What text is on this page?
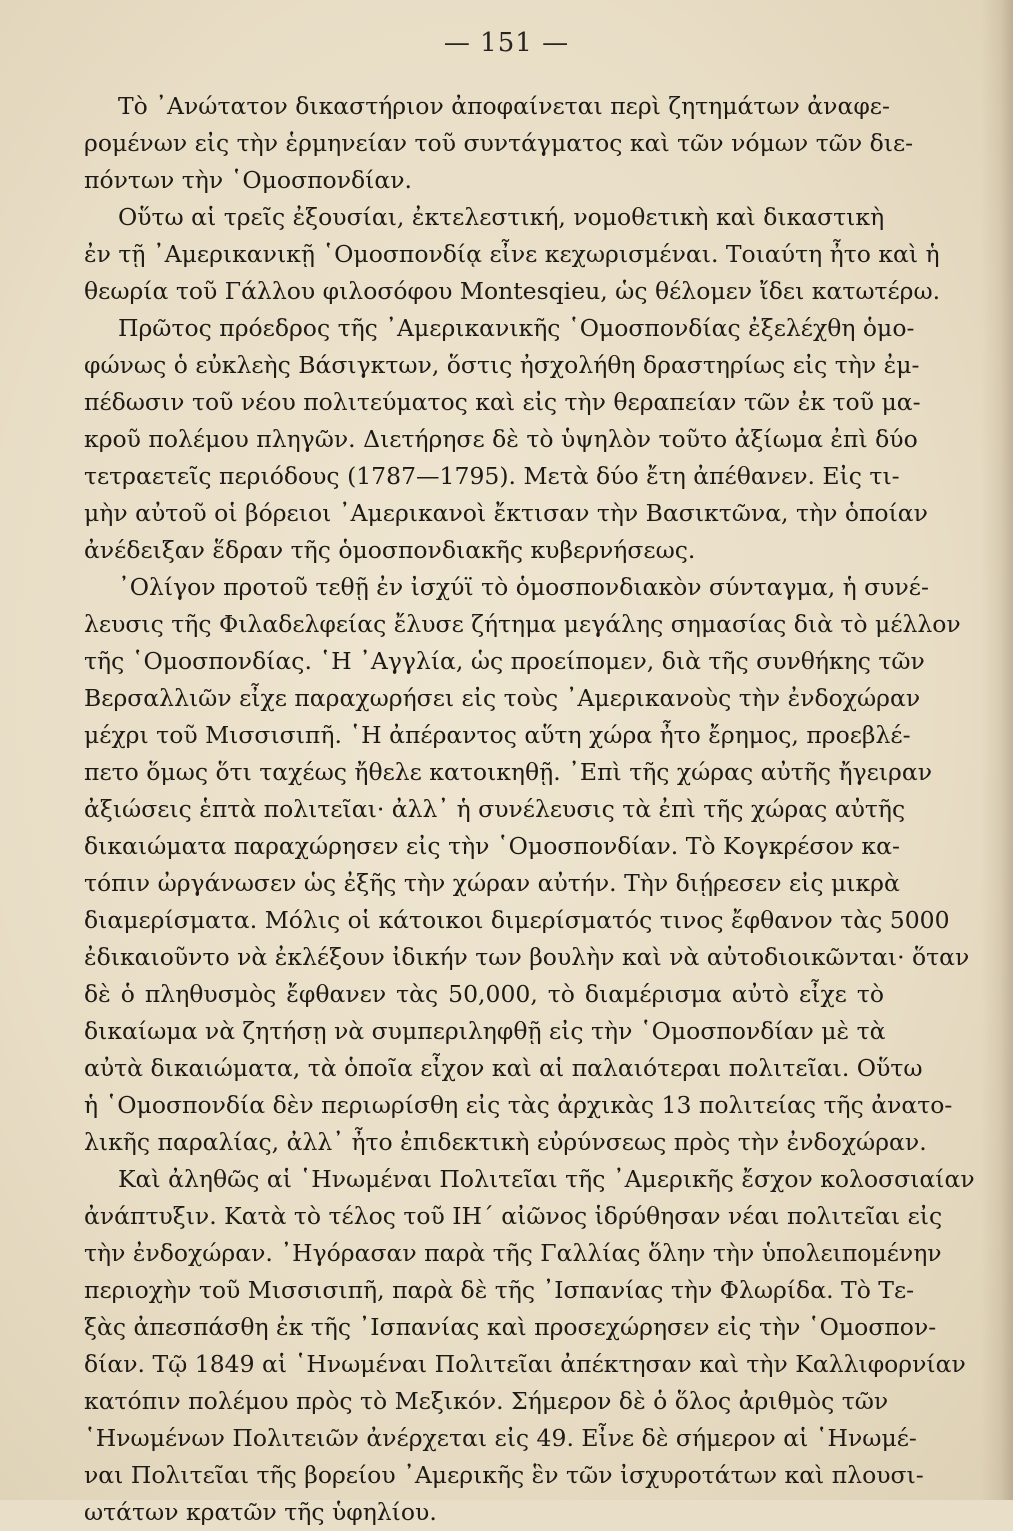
— 151 —
Τὸ ᾿Ανώτατον δικαστήριον ἀποφαίνεται περὶ ζητημάτων ἀναφε-
ρομένων εἰς τὴν ἑρμηνείαν τοῦ συντάγματος καὶ τῶν νόμων τῶν διε-
πόντων τὴν ῾Ομοσπονδίαν.
Οὕτω αἱ τρεῖς ἐξουσίαι, ἐκτελεστική, νομοθετικὴ καὶ δικαστικὴ
ἐν τῇ ᾿Αμερικανικῇ ῾Ομοσπονδίᾳ εἶνε κεχωρισμέναι. Τοιαύτη ἦτο καὶ ἡ
θεωρία τοῦ Γάλλου φιλοσόφου Montesqieu, ὡς θέλομεν ἴδει κατωτέρω.
Πρῶτος πρόεδρος τῆς ᾿Αμερικανικῆς ῾Ομοσπονδίας ἐξελέχθη ὁμο-
φώνως ὁ εὐκλεὴς Βάσιγκτων, ὅστις ἠσχολήθη δραστηρίως εἰς τὴν ἐμ-
πέδωσιν τοῦ νέου πολιτεύματος καὶ εἰς τὴν θεραπείαν τῶν ἐκ τοῦ μα-
κροῦ πολέμου πληγῶν. Διετήρησε δὲ τὸ ὑψηλὸν τοῦτο ἀξίωμα ἐπὶ δύο
τετραετεῖς περιόδους (1787—1795). Μετὰ δύο ἔτη ἀπέθανεν. Εἰς τι-
μὴν αὐτοῦ οἱ βόρειοι ᾿Αμερικανοὶ ἔκτισαν τὴν Βασικτῶνα, τὴν ὁποίαν
ἀνέδειξαν ἕδραν τῆς ὁμοσπονδιακῆς κυβερνήσεως.
᾿Ολίγον προτοῦ τεθῇ ἐν ἰσχύϊ τὸ ὁμοσπονδιακὸν σύνταγμα, ἡ συνέ-
λευσις τῆς Φιλαδελφείας ἔλυσε ζήτημα μεγάλης σημασίας διὰ τὸ μέλλον
τῆς ῾Ομοσπονδίας. ῾Η ᾿Αγγλία, ὡς προείπομεν, διὰ τῆς συνθήκης τῶν
Βερσαλλιῶν εἶχε παραχωρήσει εἰς τοὺς ᾿Αμερικανοὺς τὴν ἐνδοχώραν
μέχρι τοῦ Μισσισιπῆ. ῾Η ἀπέραντος αὕτη χώρα ἦτο ἔρημος, προεβλέ-
πετο ὅμως ὅτι ταχέως ἤθελε κατοικηθῇ. ᾿Επὶ τῆς χώρας αὐτῆς ἤγειραν
ἀξιώσεις ἑπτὰ πολιτεῖαι· ἀλλ᾽ ἡ συνέλευσις τὰ ἐπὶ τῆς χώρας αὐτῆς
δικαιώματα παραχώρησεν εἰς τὴν ῾Ομοσπονδίαν. Τὸ Κογκρέσον κα-
τόπιν ὠργάνωσεν ὡς ἐξῆς τὴν χώραν αὐτήν. Τὴν διῄρεσεν εἰς μικρὰ
διαμερίσματα. Μόλις οἱ κάτοικοι διμερίσματός τινος ἔφθανον τὰς 5000
ἐδικαιοῦντο νὰ ἐκλέξουν ἰδικήν των βουλὴν καὶ νὰ αὐτοδιοικῶνται· ὅταν
δὲ ὁ πληθυσμὸς ἔφθανεν τὰς 50,000, τὸ διαμέρισμα αὐτὸ εἶχε τὸ
δικαίωμα νὰ ζητήσῃ νὰ συμπεριληφθῇ εἰς τὴν ῾Ομοσπονδίαν μὲ τὰ
αὐτὰ δικαιώματα, τὰ ὁποῖα εἶχον καὶ αἱ παλαιότεραι πολιτεῖαι. Οὕτω
ἡ ῾Ομοσπονδία δὲν περιωρίσθη εἰς τὰς ἀρχικὰς 13 πολιτείας τῆς ἀνατο-
λικῆς παραλίας, ἀλλ᾽ ἦτο ἐπιδεκτικὴ εὐρύνσεως πρὸς τὴν ἐνδοχώραν.
Καὶ ἀληθῶς αἱ ῾Ηνωμέναι Πολιτεῖαι τῆς ᾿Αμερικῆς ἔσχον κολοσσιαίαν
ἀνάπτυξιν. Κατὰ τὸ τέλος τοῦ ΙΗ΄ αἰῶνος ἱδρύθησαν νέαι πολιτεῖαι εἰς
τὴν ἐνδοχώραν. ᾿Ηγόρασαν παρὰ τῆς Γαλλίας ὅλην τὴν ὑπολειπομένην
περιοχὴν τοῦ Μισσισιπῆ, παρὰ δὲ τῆς ᾿Ισπανίας τὴν Φλωρίδα. Τὸ Τε-
ξὰς ἀπεσπάσθη ἐκ τῆς ᾿Ισπανίας καὶ προσεχώρησεν εἰς τὴν ῾Ομοσπον-
δίαν. Τῷ 1849 αἱ ῾Ηνωμέναι Πολιτεῖαι ἀπέκτησαν καὶ τὴν Καλλιφορνίαν
κατόπιν πολέμου πρὸς τὸ Μεξικόν. Σήμερον δὲ ὁ ὅλος ἀριθμὸς τῶν
῾Ηνωμένων Πολιτειῶν ἀνέρχεται εἰς 49. Εἶνε δὲ σήμερον αἱ ῾Ηνωμέ-
ναι Πολιτεῖαι τῆς βορείου ᾿Αμερικῆς ἓν τῶν ἰσχυροτάτων καὶ πλουσι-
ωτάτων κρατῶν τῆς ὑφηλίου.
